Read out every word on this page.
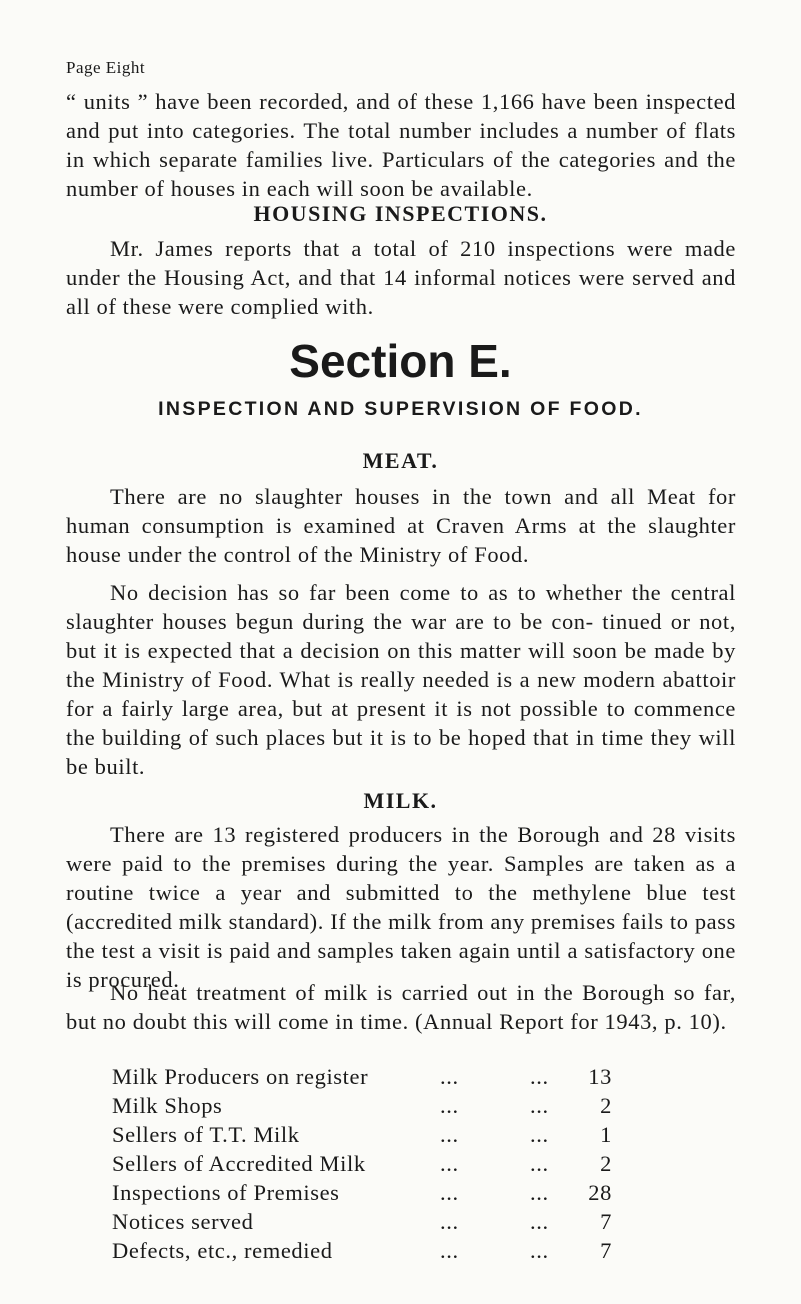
Page Eight

“ units ” have been recorded, and of these 1,166 have been inspected and put into categories. The total number includes a number of flats in which separate families live. Particulars of the categories and the number of houses in each will soon be available.

HOUSING INSPECTIONS.

Mr. James reports that a total of 210 inspections were made under the Housing Act, and that 14 informal notices were served and all of these were complied with.

Section E.
INSPECTION AND SUPERVISION OF FOOD.
MEAT.

There are no slaughter houses in the town and all Meat for human consumption is examined at Craven Arms at the slaughter house under the control of the Ministry of Food.

No decision has so far been come to as to whether the central slaughter houses begun during the war are to be con- tinued or not, but it is expected that a decision on this matter will soon be made by the Ministry of Food. What is really needed is a new modern abattoir for a fairly large area, but at present it is not possible to commence the building of such places but it is to be hoped that in time they will be built.

MILK.

There are 13 registered producers in the Borough and 28 visits were paid to the premises during the year. Samples are taken as a routine twice a year and submitted to the methylene blue test (accredited milk standard). If the milk from any premises fails to pass the test a visit is paid and samples taken again until a satisfactory one is procured.

No heat treatment of milk is carried out in the Borough so far, but no doubt this will come in time. (Annual Report for 1943, p. 10).

Milk Producers on register	...	...	13
Milk Shops	...	...	2
Sellers of T.T. Milk	...	...	1
Sellers of Accredited Milk	...	...	2
Inspections of Premises	...	...	28
Notices served	...	...	7
Defects, etc., remedied	...	...	7
